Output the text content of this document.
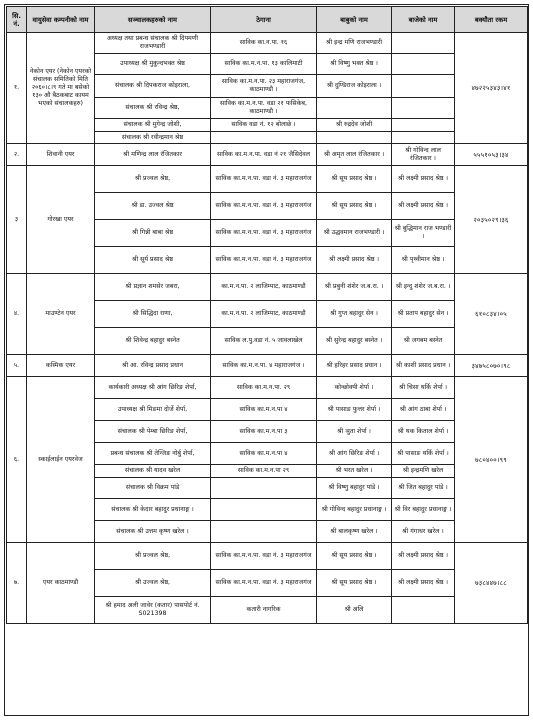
सि. नं.	वायुसेवा कम्पनीको नाम	सञ्चालकहरुको नाम	ठेगाना	बाबुको नाम	बाजेको नाम	बक्यौता रकम
१.	नेकोन एयर (नेकोन एयरको संचालक समितिको मिति २०६०।८।९ गते मा बसेको १३० औ बैठकबाट कायम भएको संचालकहरु)	अध्यक्ष तथा प्रबन्ध संचालक श्री दिपमणी राजभण्डारी	साविक का.न.पा. १६	श्री इन्द्र मणि राजभण्डारी		४७२२५३४३।४१
		उपाध्यक्ष श्री मुकुन्दभक्त श्रेष्ठ	साविक का.म.न.पा. १३ कालिमाटी	श्री विष्णु भक्त श्रेष्ठ ।		
		संचालक श्री दिपकराज कोइराला,	साविक का.म.न.पा. २३ महाराजगंज, काठमाण्डौ ।	श्री दुण्डिराज कोइराला ।		
		संचालक श्री रविन्द्र श्रेष्ठ,	साविक का.म.न.पा. वडा २१ फसिकेब, काठमाण्डौ ।			
		संचालक श्री मुगेन्द्र जोशी,	साविक वडा नं. १२ बोलाछे ।	श्री रुद्रदेव जोशी		
		संचालक श्री रवीन्द्रमान श्रेष्ठ				
२.	शिवानी एयर	श्री मणिन्द्र लाल रंजितकार	साविक का.म.न.पा. वडा नं २१ जैसिदेवल	श्री अमृत लाल रंजितकार ।	श्री गोविन्द लाल रंजितकार ।	५५५१०५३।३४
३	गोरखा एयर	श्री प्रज्वल श्रेष्ठ,	साविक का.म.न.पा. वडा नं. ३ महाराजगंज	श्री सूय प्रसाद श्रेष्ठ ।	श्री लक्ष्मी प्रसाद श्रेष्ठ ।	२०३५०२९।३६
		श्री डा. उज्वल श्रेष्ठ	साविक का.म.न.पा. वडा नं. ३ महाराजगंज	श्री सूय प्रसाद श्रेष्ठ ।	श्री लक्ष्मी प्रसाद श्रेष्ठ ।	
		श्री गिन्नी बाबा श्रेष्ठ	साविक का.म.न.पा. वडा नं. ३ महाराजगंज	श्री उद्धवमान राजभण्डारी ।	श्री बुद्धिमान राज भण्डारी ।	
		श्री सूर्य प्रसाद श्रेष्ठ	साविक का.म.न.पा. वडा नं. ३ महाराजगंज	श्री लक्ष्मी प्रसाद श्रेष्ठ ।	श्री पृथ्वीमान श्रेष्ठ ।	
४.	माउण्टेन एयर	श्री प्रज्ञान शमसेर जबरा,	का.म.न.पा. २ लाजिम्पाट, काठमाण्डौ	श्री प्रबुनी शंशेर ज.ब.रा. ।	श्री इन्दु शंशेर ज.ब.रा. ।	६१०८३४।०५
		श्री सिद्धिदा राणा,	का.म.न.पा. २ लाजिम्पाट, काठमाण्डौ	श्री गुप्त बहादुर सेन ।	श्री प्रताप बहादुर सेन ।	
		श्री शिवेन्द्र बहादुर बस्नेत	साविक ल.पु.वडा नं. ५ जावलाखेल	श्री सुरेन्द्र बहादुर बस्नेत ।	श्री जगबम बस्नेत	
५.	कस्मिक एयर	श्री आ. रविन्द्र प्रसाद प्रधान	साविक का.म.न.पा. ४ महाराजगंज ।	श्री हरिहर प्रसाद प्रधान ।	श्री काशी प्रसाद प्रधान ।	३४७५८०७०।९८
६.	स्काईलाईन एयरवेज	कार्यकारी अध्यक्ष श्री आंग छिरिङ शेर्पा,	साविक का.म.न.पा. २९	कोन्छोक्पी शेर्पा ।	श्री चिसा थर्कि शेर्पा ।	७८०४००।९९
		उपाध्यक्ष श्री मिङमा दोर्जे शेर्पा,	साविक का.म.न.पा ४	श्री पासाङ फुत्तर शेर्पा ।	श्री आंग ठाबा शेर्पा ।	
		संचालक श्री पेम्बा छिरिङ शेर्पा,	साविक का.म.न.पा ३	श्री ञुता शेर्पा ।	श्री थक किताल शेर्पा ।	
		प्रबन्ध संचालक श्री तेन्जिङ नोर्बु शेर्पा,	साविक का.म.न.पा ४	श्री आंग छिरिङ शेर्पा ।	श्री पासाङ थर्कि शेर्पा ।	
		संचालक श्री यादव खरेल	साविक का.म.न.पा २९	श्री भरत खरेल ।	श्री इन्द्रमणि खरेल	
		संचालक श्री विक्रम पांडे		श्री विष्णु बहादुर पांडे ।	श्री जित बहादुर पांडे ।	
		संचालक श्री केदार बहादुर प्रधानाङ्ग ।		श्री गोविन्द बहादुर प्रधानाङ्ग ।	श्री विर बहादुर प्रधानाङ्ग ।	
		संचालक श्री उत्तम कृष्ण खरेल ।		श्री बालकृष्ण खरेल ।	श्री गंगाधर खरेल ।	
७.	एयर काठमाण्डौ	श्री प्रज्वल श्रेष्ठ,	साविक का.म.न.पा. वडा नं. ३ महाराजगंज	श्री सूय प्रसाद श्रेष्ठ ।	श्री लक्ष्मी प्रसाद श्रेष्ठ ।	७३८४४७।८८
		श्री उज्वल श्रेष्ठ,	साविक का.म.न.पा. वडा नं. ३ महाराजगंज	श्री सूय प्रसाद श्रेष्ठ ।	श्री लक्ष्मी प्रसाद श्रेष्ठ ।	
		श्री हमाद अली जावेर (कतार) पासपोर्ट नं. S021398	कतारी नागरिक	श्री अलि		
